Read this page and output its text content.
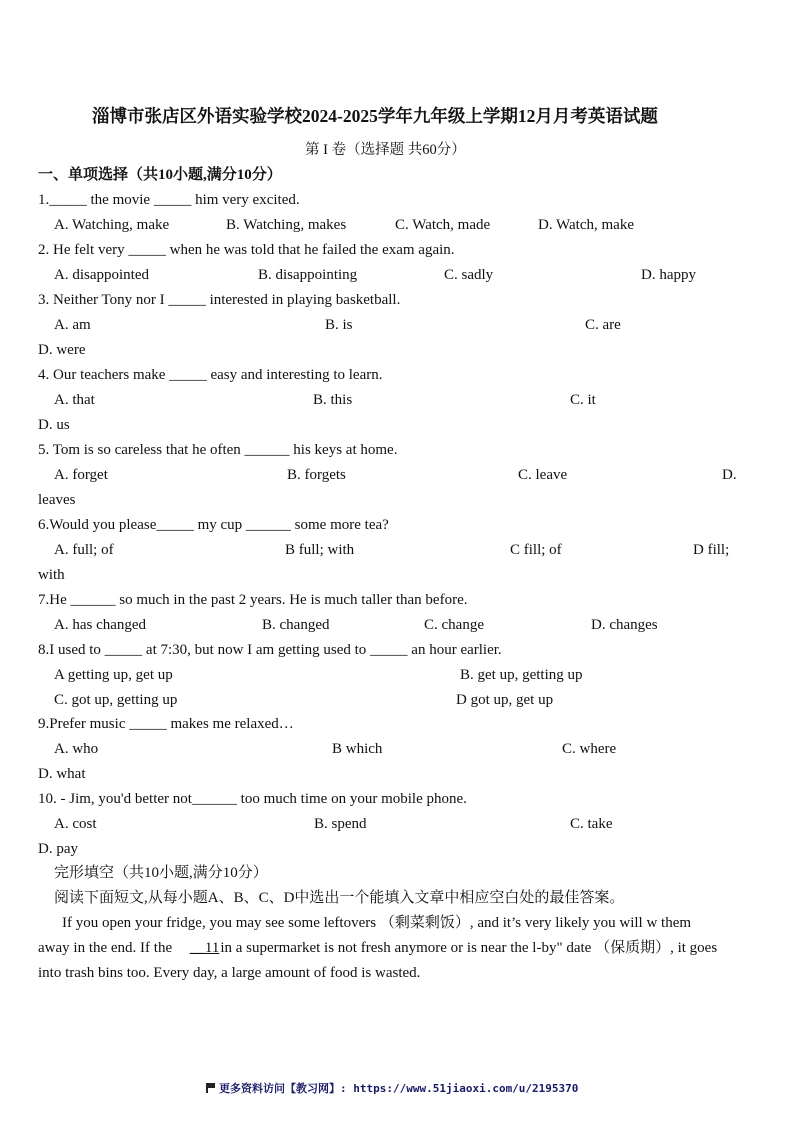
淄博市张店区外语实验学校2024-2025学年九年级上学期12月月考英语试题
第 I 卷（选择题 共60分）
一、单项选择（共10小题,满分10分）
1._____ the movie _____ him very excited.
A. Watching, make	B. Watching, makes	C. Watch, made	D. Watch, make
2. He felt very _____ when he was told that he failed the exam again.
A. disappointed	B. disappointing	C. sadly	D. happy
3. Neither Tony nor I _____ interested in playing basketball.
A. am	B. is	C. are
D. were
4. Our teachers make _____ easy and interesting to learn.
A. that	B. this	C. it
D. us
5. Tom is so careless that he often ______ his keys at home.
A. forget	B. forgets	C. leave	D.
leaves
6.Would you please_____ my cup ______ some more tea?
A. full; of	B full; with	C fill; of	D fill;
with
7.He ______ so much in the past 2 years. He is much taller than before.
A. has changed	B. changed	C. change	D. changes
8.I used to _____ at 7:30, but now I am getting used to _____ an hour earlier.
A getting up, get up	B. get up, getting up
C. got up, getting up	D got up, get up
9.Prefer music _____ makes me relaxed…
A. who	B which	C. where
D. what
10. - Jim, you'd better not______ too much time on your mobile phone.
A. cost	B. spend	C. take
D. pay
完形填空（共10小题,满分10分）
阅读下面短文,从每小题A、B、C、D中选出一个能填入文章中相应空白处的最佳答案。
If you open your fridge, you may see some leftovers （剩菜剩饭）, and it’s very likely you will w them
away in the end. If the __11in a supermarket is not fresh anymore or is near the l-by" date （保质期）, it goes
into trash bins too. Every day, a large amount of food is wasted.
更多资料访问【教习网】: https://www.51jiaoxi.com/u/2195370
